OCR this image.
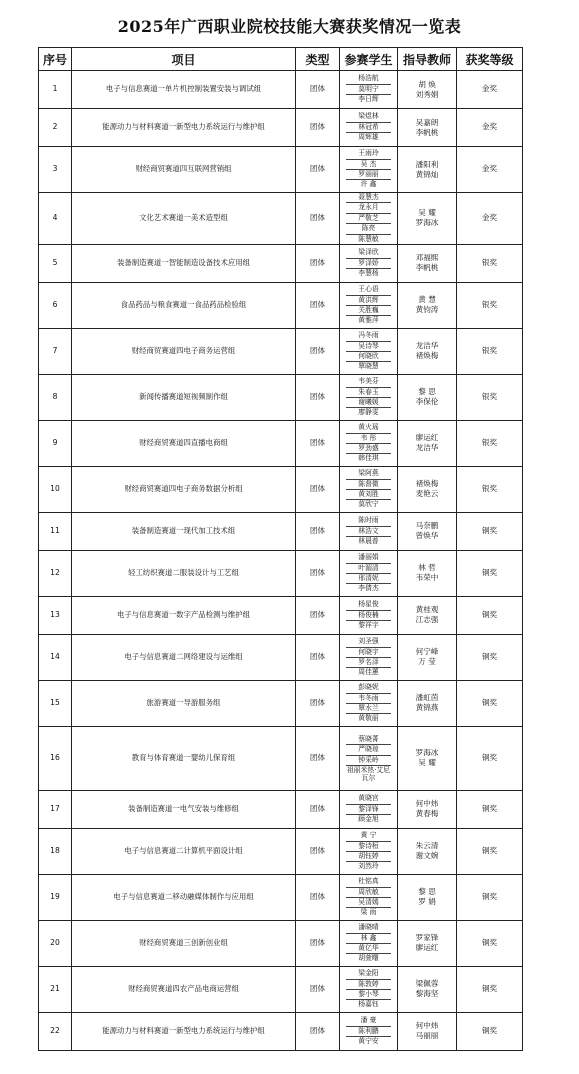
2025年广西职业院校技能大赛获奖情况一览表
序号	项目	类型	参赛学生	指导教师	获奖等级
1	电子与信息赛道一单片机控制装置安装与调试组	团体	杨浩航
莫明宁
李日辉	胡 焕
刘秀娟	金奖
2	能源动力与材料赛道一新型电力系统运行与维护组	团体	梁煜林
林冠希
周辉雄	吴嘉朗
李帆桃	金奖
3	财经商贸赛道四互联网营销组	团体	王雨玲
吴 杰
罗丽丽
许 鑫	潘阳利
黄锦灿	金奖
4	文化艺术赛道一美术造型组	团体	聂慧杰
龙永月
严敬芝
陈亮
陈慧敏	吴 耀
罗海冰	金奖
5	装备制造赛道一智能制造设备技术应用组	团体	梁泽欣
罗泽娇
李慧杨	邓福熙
李帆桃	银奖
6	食品药品与粮食赛道一食品药品检验组	团体	王心语
黄洪辉
关胜巍
黄雅萍	黄 慧
黄钧涛	银奖
7	财经商贸赛道四电子商务运营组	团体	冯冬雨
吴诗琴
何晓欣
覃晓慧	龙洁华
褚焕梅	银奖
8	新闻传播赛道短视频制作组	团体	韦美芬
朱春玉
谢曦媛
廖静雯	黎 思
李保伦	银奖
9	财经商贸赛道四直播电商组	团体	黄火瑶
韦 彤
罗劲盛
韩佳琪	廖运红
龙洁华	银奖
10	财经商贸赛道四电子商务数据分析组	团体	梁阿燕
陈督微
黄刘胜
莫欣宁	褚焕梅
麦艳云	银奖
11	装备制造赛道一现代加工技术组	团体	陈时雨
林浩文
林晨普	马奈鹏
曾焕华	铜奖
12	轻工纺织赛道二服装设计与工艺组	团体	潘丽娟
叶湄清
邢清妮
李倩杰	林 哲
韦荣中	铜奖
13	电子与信息赛道一数字产品检测与维护组	团体	杨星俊
杨俊楠
黎祥宇	黄桂观
江志强	铜奖
14	电子与信息赛道二网络建设与运维组	团体	刘圣强
何晓宇
罗名泽
周佳蕙	何宁峰
万 莹	铜奖
15	旅游赛道一导游服务组	团体	彭晓妮
韦冬雨
覃水兰
黄敬丽	潘虹茵
黄锦燕	铜奖
16	教育与体育赛道一婴幼儿保育组	团体	蔡晓菁
严晓琼
钟采岭
祖丽米热·艾尼瓦尔	罗海冰
吴 耀	铜奖
17	装备制造赛道一电气安装与维修组	团体	黄晓宫
黎泽锋
顾金旭	何中炜
黄春梅	铜奖
18	电子与信息赛道二计算机平面设计组	团体	黄 宁
黎诗桓
胡钰婷
刘然玲	朱云清
谢文婉	铜奖
19	电子与信息赛道二移动融媒体制作与应用组	团体	杜铭真
周欣敏
吴清嫣
梁 雨	黎 思
罗 娟	铜奖
20	财经商贸赛道三创新创业组	团体	潘晓晴
林 鑫
黄亿华
胡萱曙	罗家锋
廖运红	铜奖
21	财经商贸赛道四农产品电商运营组	团体	梁金阳
陈敦婷
黎小琴
杨嘉钰	梁佩蓉
黎海坚	铜奖
22	能源动力与材料赛道一新型电力系统运行与维护组	团体	潘 豪
陈利鹏
黄宁安	何中炜
马丽丽	铜奖
